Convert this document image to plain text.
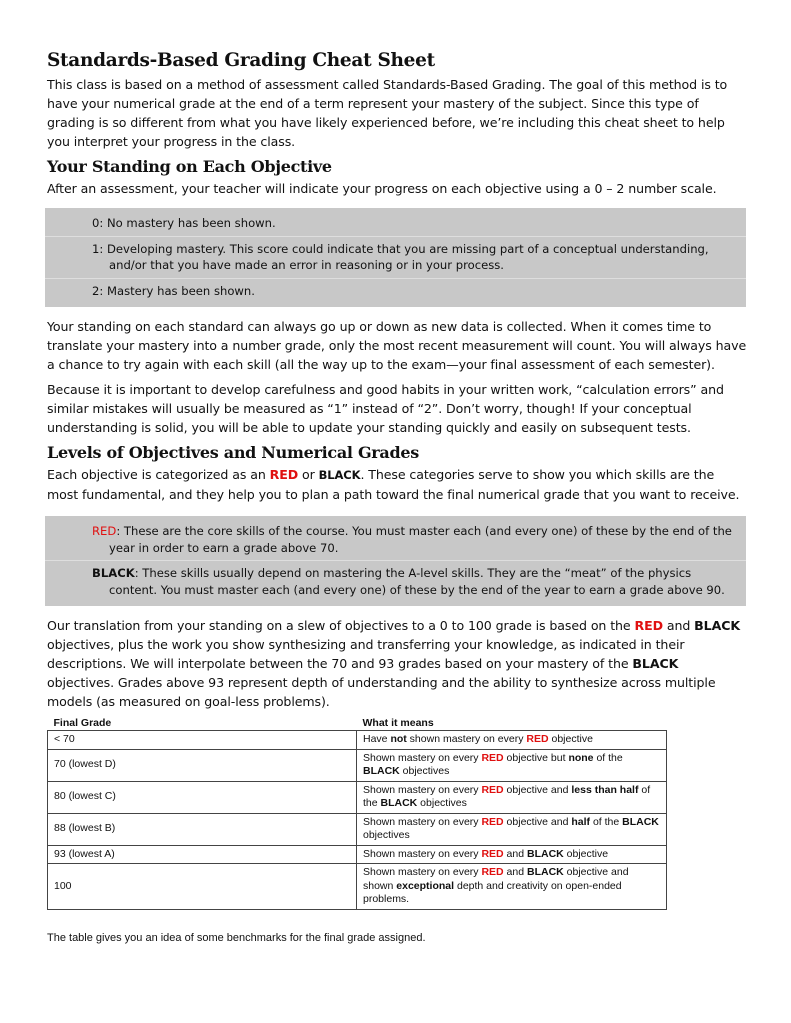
Standards-Based Grading Cheat Sheet

This class is based on a method of assessment called Standards-Based Grading. The goal of this method is to have your numerical grade at the end of a term represent your mastery of the subject. Since this type of grading is so different from what you have likely experienced before, we’re including this cheat sheet to help you interpret your progress in the class.

Your Standing on Each Objective

After an assessment, your teacher will indicate your progress on each objective using a 0 – 2 number scale.

0: No mastery has been shown.
1: Developing mastery. This score could indicate that you are missing part of a conceptual understanding, and/or that you have made an error in reasoning or in your process.
2: Mastery has been shown.

Your standing on each standard can always go up or down as new data is collected. When it comes time to translate your mastery into a number grade, only the most recent measurement will count. You will always have a chance to try again with each skill (all the way up to the exam—your final assessment of each semester).

Because it is important to develop carefulness and good habits in your written work, “calculation errors” and similar mistakes will usually be measured as “1” instead of “2”. Don’t worry, though! If your conceptual understanding is solid, you will be able to update your standing quickly and easily on subsequent tests.

Levels of Objectives and Numerical Grades

Each objective is categorized as an RED or BLACK. These categories serve to show you which skills are the most fundamental, and they help you to plan a path toward the final numerical grade that you want to receive.

RED: These are the core skills of the course. You must master each (and every one) of these by the end of the year in order to earn a grade above 70.
BLACK: These skills usually depend on mastering the A-level skills. They are the “meat” of the physics content. You must master each (and every one) of these by the end of the year to earn a grade above 90.

Our translation from your standing on a slew of objectives to a 0 to 100 grade is based on the RED and BLACK objectives, plus the work you show synthesizing and transferring your knowledge, as indicated in their descriptions. We will interpolate between the 70 and 93 grades based on your mastery of the BLACK objectives. Grades above 93 represent depth of understanding and the ability to synthesize across multiple models (as measured on goal-less problems).

Final Grade	What it means
< 70	Have not shown mastery on every RED objective
70 (lowest D)	Shown mastery on every RED objective but none of the BLACK objectives
80 (lowest C)	Shown mastery on every RED objective and less than half of the BLACK objectives
88 (lowest B)	Shown mastery on every RED objective and half of the BLACK objectives
93 (lowest A)	Shown mastery on every RED and BLACK objective
100	Shown mastery on every RED and BLACK objective and shown exceptional depth and creativity on open-ended problems.
The table gives you an idea of some benchmarks for the final grade assigned.
